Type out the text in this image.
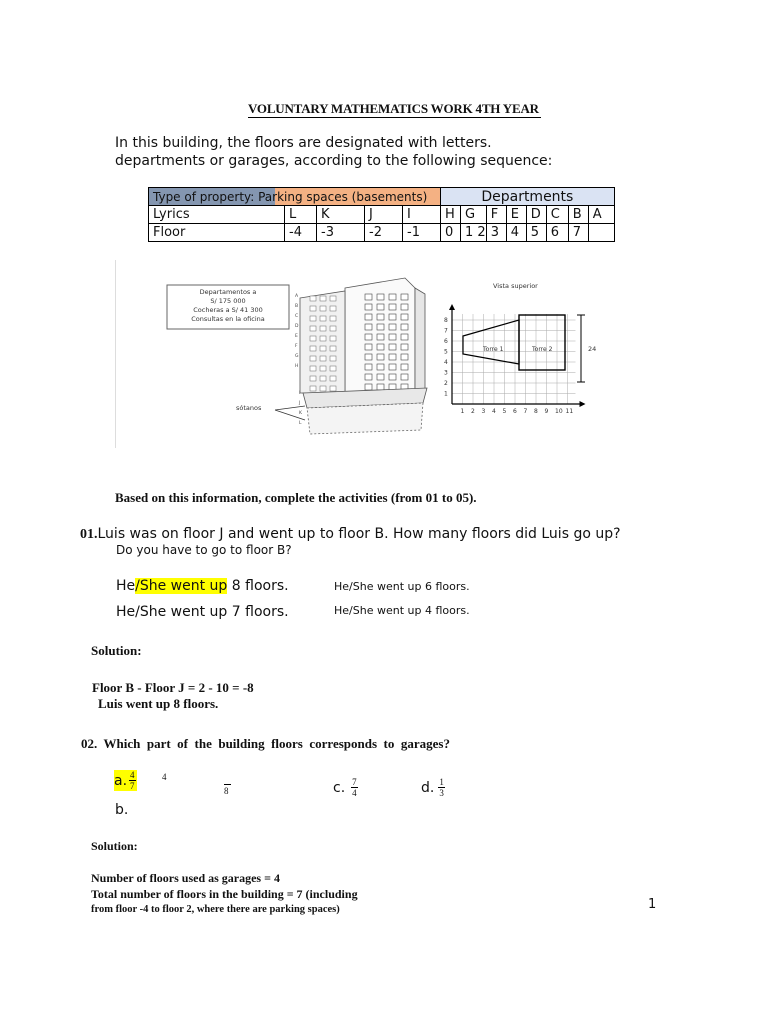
VOLUNTARY MATHEMATICS WORK 4TH YEAR
In this building, the floors are designated with letters.
departments or garages, according to the following sequence:
Type of property: Parking spaces (basements)					Departments							
Lyrics	L	K	J	I	H	G	F	E	D	C	B	A
Floor	-4	-3	-2	-1	0	1 2	3	4	5	6	7	
Departamentos a
S/ 175 000
Cocheras a S/ 41 300
Consultas en la oficina
A
B
C
D
E
F
G
H
sótanos
I
J
K
L
Vista superior
1 2 3 4 5 6 7 8 9 10 11
1
2
3
4
5
6
7
8
Torre 1	Torre 2	24
Based on this information, complete the activities (from 01 to 05).
01.Luis was on floor J and went up to floor B. How many floors did Luis go up?
Do you have to go to floor B?
He/She went up 8 floors.	He/She went up 6 floors.
He/She went up 7 floors.	He/She went up 4 floors.
Solution:
Floor B - Floor J = 2 - 10 = -8
Luis went up 8 floors.
02.  Which  part  of  the  building  floors  corresponds  to  garages?
a. $\frac{4}{7}$	4
8
b.
c. $\frac{7}{4}$	d. $\frac{1}{3}$
Solution:
Number of floors used as garages = 4
Total number of floors in the building = 7 (including
from floor -4 to floor 2, where there are parking spaces)	1
